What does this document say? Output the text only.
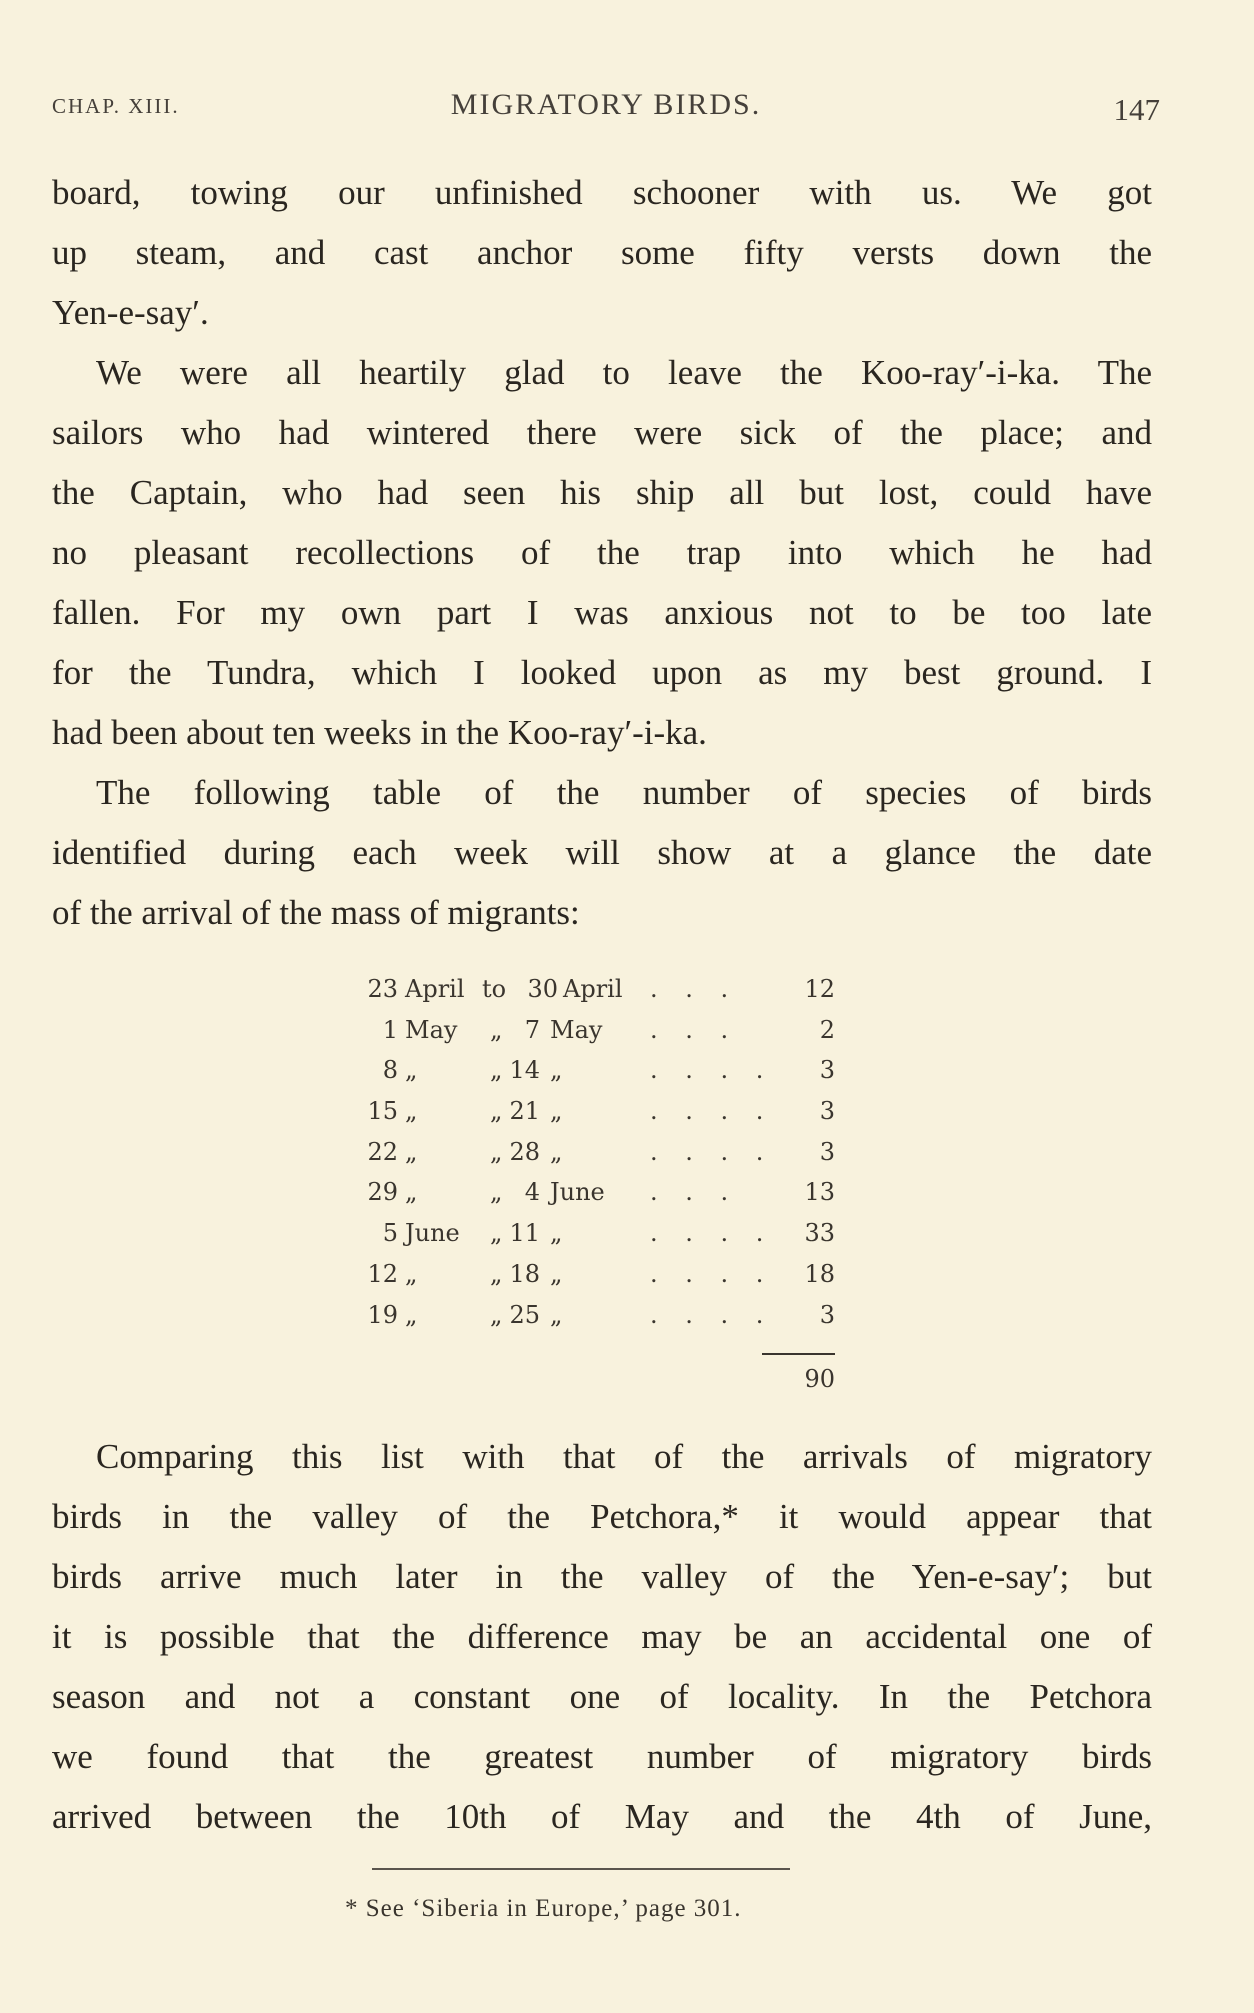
CHAP. XIII.	MIGRATORY BIRDS.	147
board, towing our unfinished schooner with us. We got
up steam, and cast anchor some fifty versts down the
Yen-e-say′.
We were all heartily glad to leave the Koo-ray′-i-ka. The
sailors who had wintered there were sick of the place; and
the Captain, who had seen his ship all but lost, could have
no pleasant recollections of the trap into which he had
fallen. For my own part I was anxious not to be too late
for the Tundra, which I looked upon as my best ground. I
had been about ten weeks in the Koo-ray′-i-ka.
The following table of the number of species of birds
identified during each week will show at a glance the date
of the arrival of the mass of migrants:
23 April to 30 April . . .	12
1 May „ 7 May . . .	2
8 „	„ 14 „	. . . .	3
15 „	„ 21 „	. . . .	3
22 „	„ 28 „	. . . .	3
29 „	„ 4 June . . .	13
5 June „ 11 „	. . . .	33
12 „	„ 18 „	. . . .	18
19 „	„ 25 „	. . . .	3
90
Comparing this list with that of the arrivals of migratory
birds in the valley of the Petchora,* it would appear that
birds arrive much later in the valley of the Yen-e-say′; but
it is possible that the difference may be an accidental one of
season and not a constant one of locality. In the Petchora
we found that the greatest number of migratory birds
arrived between the 10th of May and the 4th of June,
* See ‘Siberia in Europe,’ page 301.
